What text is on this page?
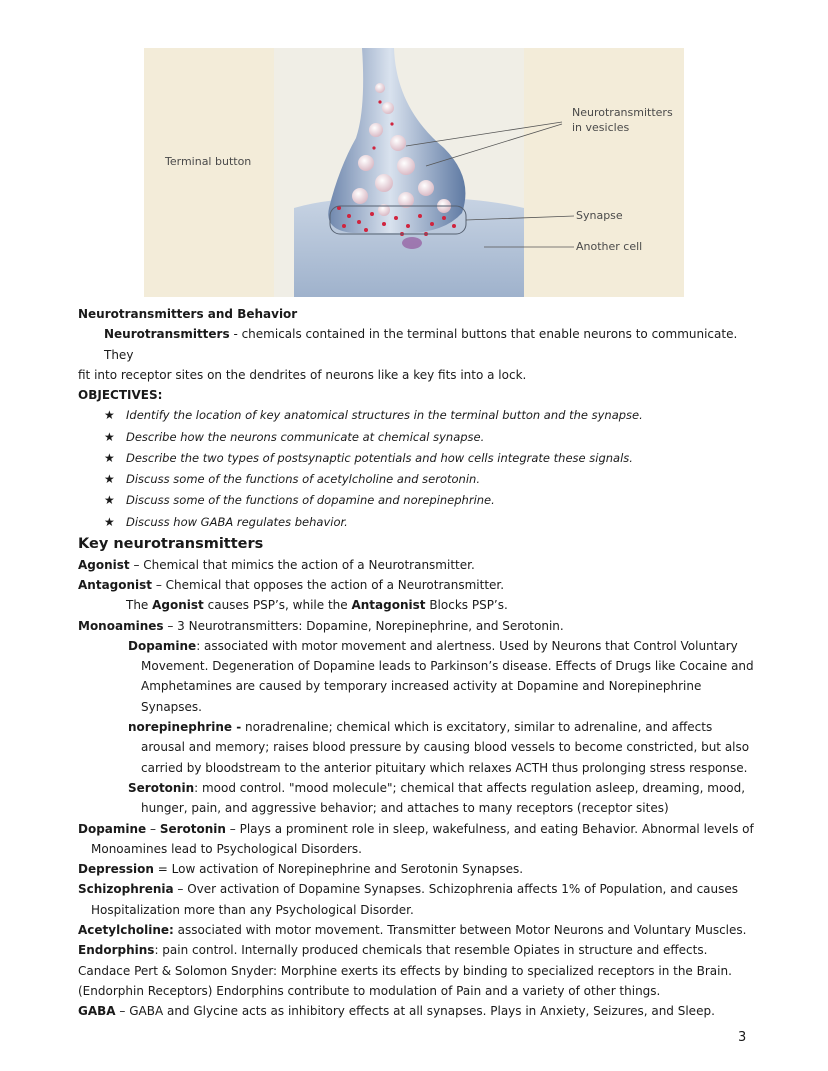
Terminal button
Neurotransmitters
in vesicles
Synapse
Another cell

Neurotransmitters and Behavior

Neurotransmitters - chemicals contained in the terminal buttons that enable neurons to communicate. They

fit into receptor sites on the dendrites of neurons like a key fits into a lock.

OBJECTIVES:

★ Identify the location of key anatomical structures in the terminal button and the synapse.
★ Describe how the neurons communicate at chemical synapse.
★ Describe the two types of postsynaptic potentials and how cells integrate these signals.
★ Discuss some of the functions of acetylcholine and serotonin.
★ Discuss some of the functions of dopamine and norepinephrine.
★ Discuss how GABA regulates behavior.

Key neurotransmitters

Agonist – Chemical that mimics the action of a Neurotransmitter.

Antagonist – Chemical that opposes the action of a Neurotransmitter.

The Agonist causes PSP’s, while the Antagonist Blocks PSP’s.

Monoamines – 3 Neurotransmitters: Dopamine, Norepinephrine, and Serotonin.

Dopamine: associated with motor movement and alertness. Used by Neurons that Control Voluntary Movement. Degeneration of Dopamine leads to Parkinson’s disease. Effects of Drugs like Cocaine and Amphetamines are caused by temporary increased activity at Dopamine and Norepinephrine Synapses.

norepinephrine - noradrenaline; chemical which is excitatory, similar to adrenaline, and affects arousal and memory; raises blood pressure by causing blood vessels to become constricted, but also carried by bloodstream to the anterior pituitary which relaxes ACTH thus prolonging stress response.

Serotonin: mood control. "mood molecule"; chemical that affects regulation asleep, dreaming, mood, hunger, pain, and aggressive behavior; and attaches to many receptors (receptor sites)

Dopamine – Serotonin – Plays a prominent role in sleep, wakefulness, and eating Behavior. Abnormal levels of Monoamines lead to Psychological Disorders.

Depression = Low activation of Norepinephrine and Serotonin Synapses.

Schizophrenia – Over activation of Dopamine Synapses. Schizophrenia affects 1% of Population, and causes Hospitalization more than any Psychological Disorder.

Acetylcholine: associated with motor movement. Transmitter between Motor Neurons and Voluntary Muscles.

Endorphins: pain control. Internally produced chemicals that resemble Opiates in structure and effects. Candace Pert & Solomon Snyder: Morphine exerts its effects by binding to specialized receptors in the Brain. (Endorphin Receptors) Endorphins contribute to modulation of Pain and a variety of other things.

GABA – GABA and Glycine acts as inhibitory effects at all synapses. Plays in Anxiety, Seizures, and Sleep.

3
